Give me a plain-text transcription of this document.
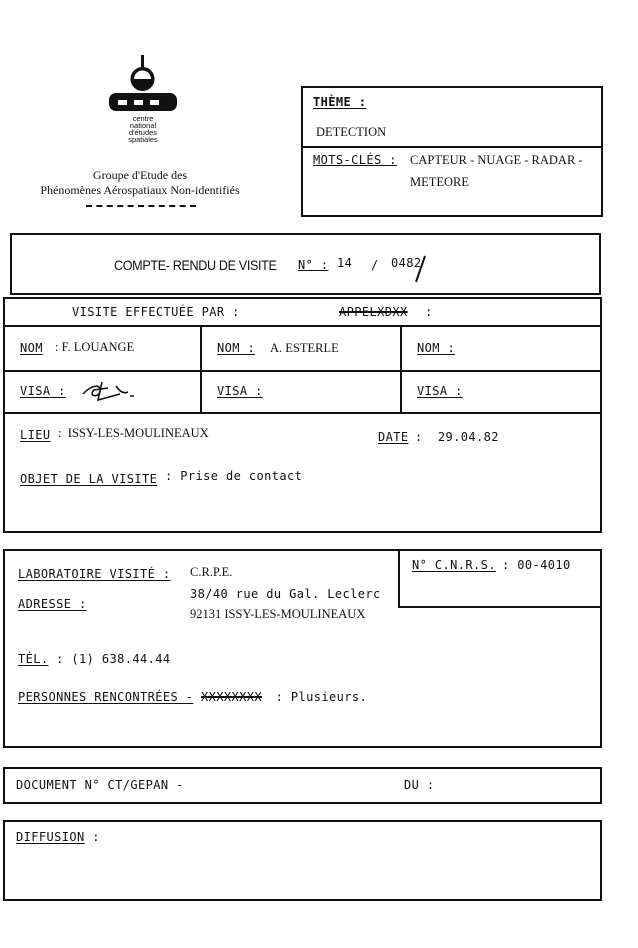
centre
national
d'études
spatiales
Groupe d'Etude des
Phénomènes Aérospatiaux Non-identifiés
THÈME :
DETECTION
MOTS-CLÉS : CAPTEUR - NUAGE - RADAR -
METEORE
COMPTE- RENDU DE VISITE N° : 14 / 0482
VISITE EFFECTUÉE PAR :	APPELXDXX :
NOM : F. LOUANGE	NOM : A. ESTERLE	NOM :
VISA :	VISA :	VISA :
LIEU :  ISSY-LES-MOULINEAUX	DATE :  29.04.82
OBJET DE LA VISITE : Prise de contact
N° C.N.R.S. : 00-4010
LABORATOIRE VISITÉ : C.R.P.E.
ADRESSE :
38/40 rue du Gal. Leclerc
92131 ISSY-LES-MOULINEAUX
TÉL. : (1) 638.44.44
PERSONNES RENCONTRÉES - XXXXXXXX : Plusieurs.
DOCUMENT N° CT/GEPAN -	DU :
DIFFUSION :
